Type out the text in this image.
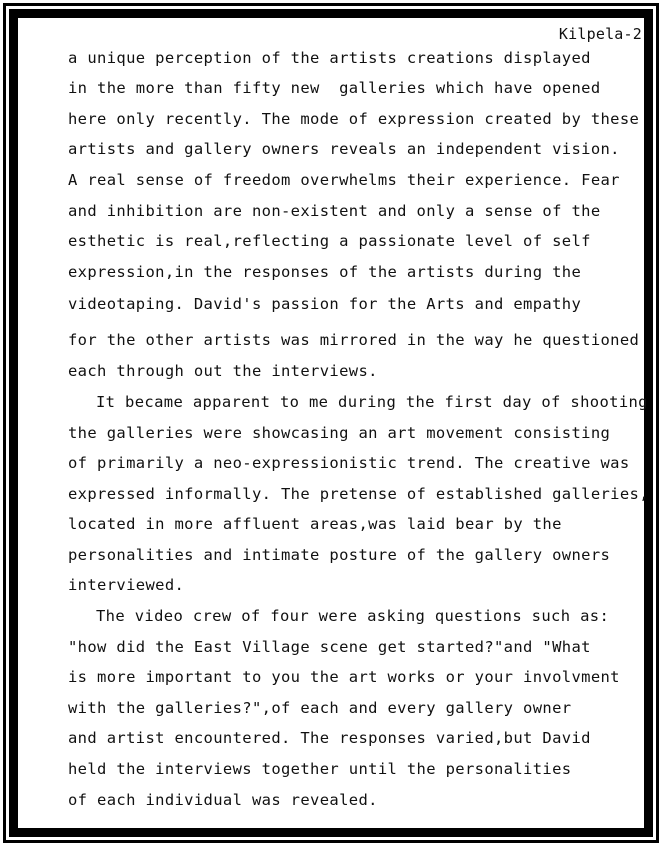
Kilpela-2
a unique perception of the artists creations displayed
in the more than fifty new  galleries which have opened
here only recently. The mode of expression created by these
artists and gallery owners reveals an independent vision.
A real sense of freedom overwhelms their experience. Fear
and inhibition are non-existent and only a sense of the
esthetic is real,reflecting a passionate level of self
expression,in the responses of the artists during the
videotaping. David's passion for the Arts and empathy
for the other artists was mirrored in the way he questioned
each through out the interviews.
It became apparent to me during the first day of shooting
the galleries were showcasing an art movement consisting
of primarily a neo-expressionistic trend. The creative was
expressed informally. The pretense of established galleries,
located in more affluent areas,was laid bear by the
personalities and intimate posture of the gallery owners
interviewed.
The video crew of four were asking questions such as:
"how did the East Village scene get started?"and "What
is more important to you the art works or your involvment
with the galleries?",of each and every gallery owner
and artist encountered. The responses varied,but David
held the interviews together until the personalities
of each individual was revealed.
